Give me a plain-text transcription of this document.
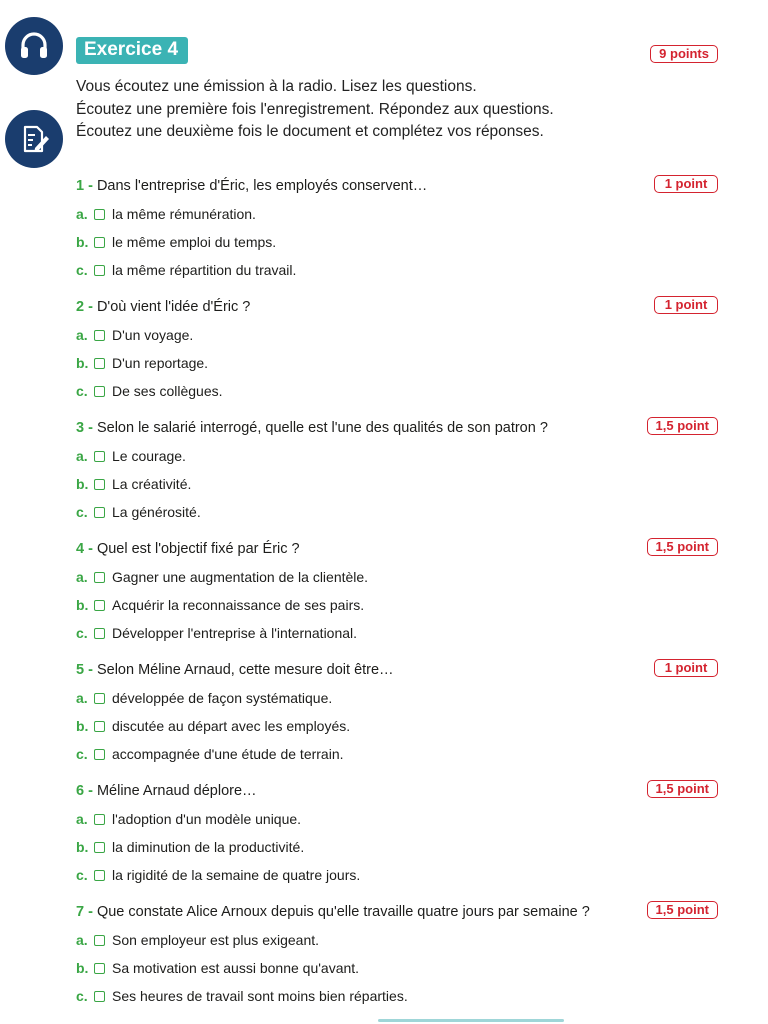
Exercice 4	9 points
Vous écoutez une émission à la radio. Lisez les questions.
Écoutez une première fois l'enregistrement. Répondez aux questions.
Écoutez une deuxième fois le document et complétez vos réponses.
1 - Dans l'entreprise d'Éric, les employés conservent…
a.	la même rémunération.
b.	le même emploi du temps.
c.	la même répartition du travail.
2 - D'où vient l'idée d'Éric ?
a.	D'un voyage.
b.	D'un reportage.
c.	De ses collègues.
3 - Selon le salarié interrogé, quelle est l'une des qualités de son patron ?
a.	Le courage.
b.	La créativité.
c.	La générosité.
4 - Quel est l'objectif fixé par Éric ?
a.	Gagner une augmentation de la clientèle.
b.	Acquérir la reconnaissance de ses pairs.
c.	Développer l'entreprise à l'international.
5 - Selon Méline Arnaud, cette mesure doit être…
a.	développée de façon systématique.
b.	discutée au départ avec les employés.
c.	accompagnée d'une étude de terrain.
6 - Méline Arnaud déplore…
a.	l'adoption d'un modèle unique.
b.	la diminution de la productivité.
c.	la rigidité de la semaine de quatre jours.
7 - Que constate Alice Arnoux depuis qu'elle travaille quatre jours par semaine ?
a.	Son employeur est plus exigeant.
b.	Sa motivation est aussi bonne qu'avant.
c.	Ses heures de travail sont moins bien réparties.
1 point
1 point
1,5 point
1,5 point
1 point
1,5 point
1,5 point
